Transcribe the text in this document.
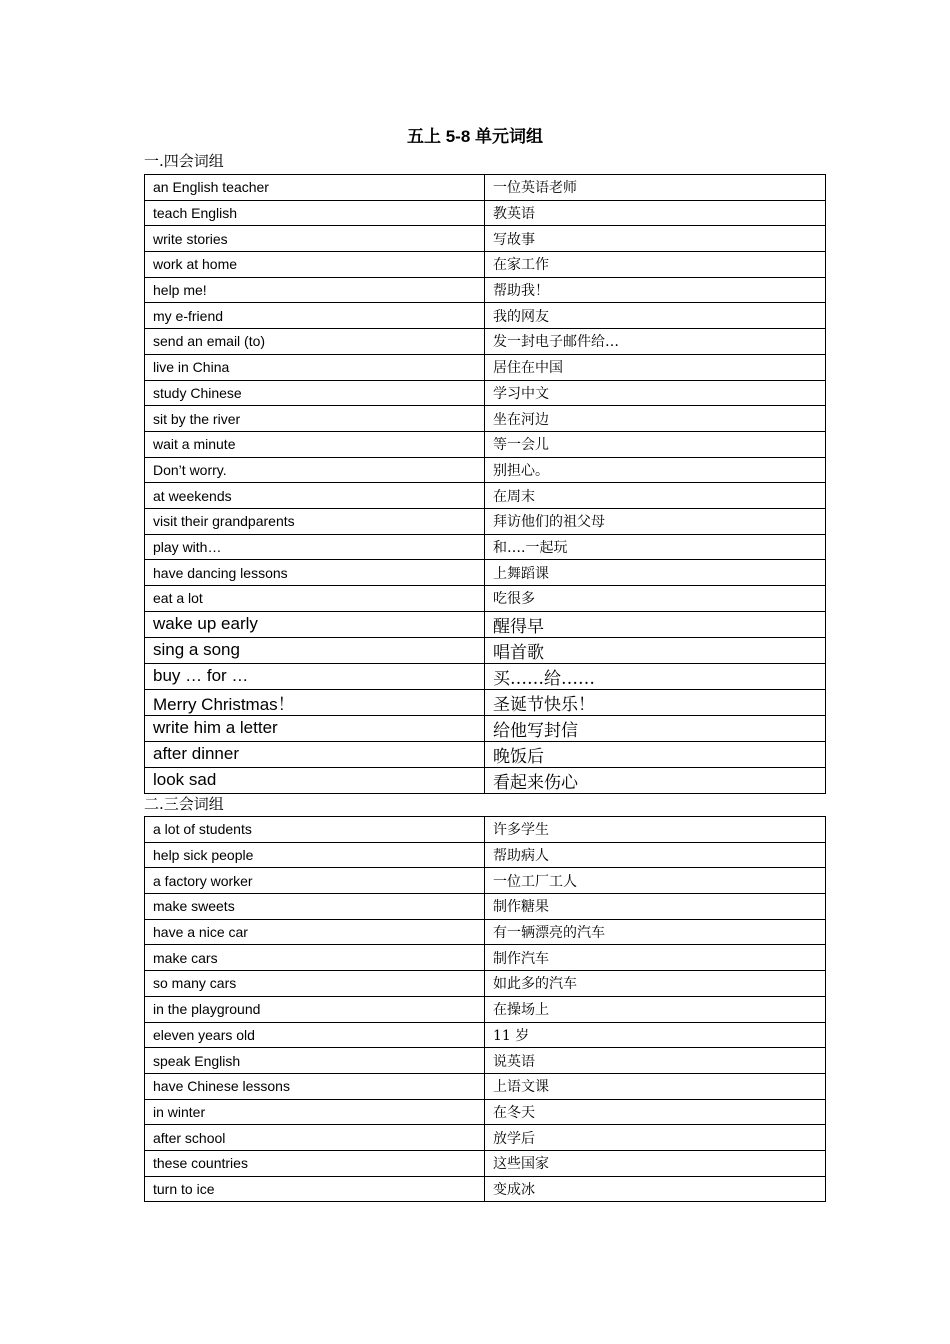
五上 5-8 单元词组
一.四会词组
an English teacher	一位英语老师
teach English	教英语
write stories	写故事
work at home	在家工作
help me!	帮助我！
my e-friend	我的网友
send an email (to)	发一封电子邮件给…
live in China	居住在中国
study Chinese	学习中文
sit by the river	坐在河边
wait a minute	等一会儿
Don’t worry.	别担心。
at weekends	在周末
visit their grandparents	拜访他们的祖父母
play with…	和….一起玩
have dancing lessons	上舞蹈课
eat a lot	吃很多
wake up early	醒得早
sing a song	唱首歌
buy … for …	买……给……
Merry Christmas！	圣诞节快乐！
write him a letter	给他写封信
after dinner	晚饭后
look sad	看起来伤心
二.三会词组
a lot of students	许多学生
help sick people	帮助病人
a factory worker	一位工厂工人
make sweets	制作糖果
have a nice car	有一辆漂亮的汽车
make cars	制作汽车
so many cars	如此多的汽车
in the playground	在操场上
eleven years old	11 岁
speak English	说英语
have Chinese lessons	上语文课
in winter	在冬天
after school	放学后
these countries	这些国家
turn to ice	变成冰
